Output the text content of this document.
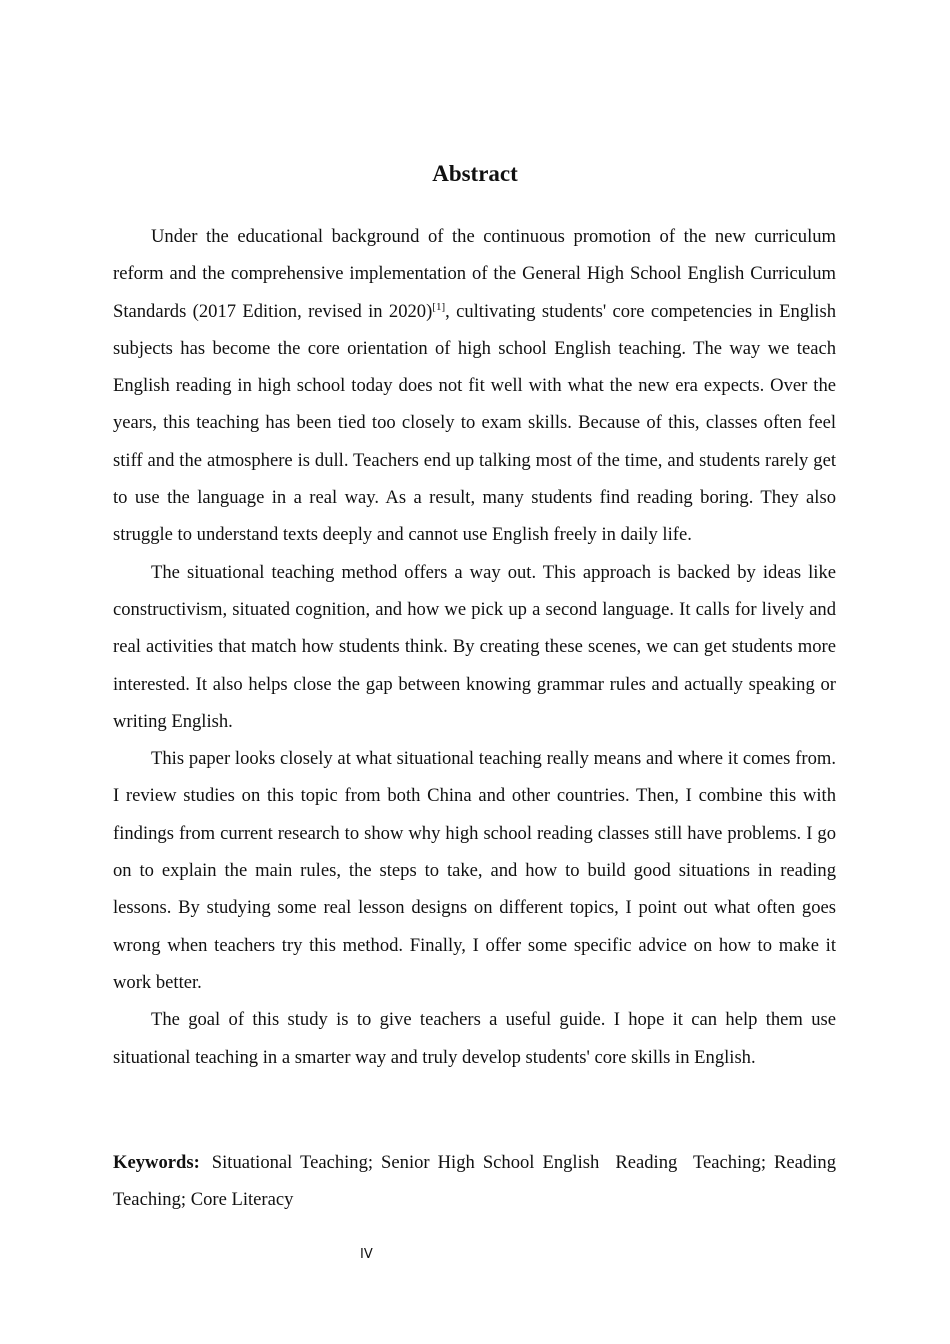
Abstract

Under the educational background of the continuous promotion of the new curriculum reform and the comprehensive implementation of the General High School English Curriculum Standards (2017 Edition, revised in 2020)[1], cultivating students' core competencies in English subjects has become the core orientation of high school English teaching. The way we teach English reading in high school today does not fit well with what the new era expects. Over the years, this teaching has been tied too closely to exam skills. Because of this, classes often feel stiff and the atmosphere is dull. Teachers end up talking most of the time, and students rarely get to use the language in a real way. As a result, many students find reading boring. They also struggle to understand texts deeply and cannot use English freely in daily life.

The situational teaching method offers a way out. This approach is backed by ideas like constructivism, situated cognition, and how we pick up a second language. It calls for lively and real activities that match how students think. By creating these scenes, we can get students more interested. It also helps close the gap between knowing grammar rules and actually speaking or writing English.

This paper looks closely at what situational teaching really means and where it comes from. I review studies on this topic from both China and other countries. Then, I combine this with findings from current research to show why high school reading classes still have problems. I go on to explain the main rules, the steps to take, and how to build good situations in reading lessons. By studying some real lesson designs on different topics, I point out what often goes wrong when teachers try this method. Finally, I offer some specific advice on how to make it work better.

The goal of this study is to give teachers a useful guide. I hope it can help them use situational teaching in a smarter way and truly develop students' core skills in English.

Keywords: Situational Teaching; Senior High School English  Reading  Teaching; Reading Teaching; Core Literacy

IV
